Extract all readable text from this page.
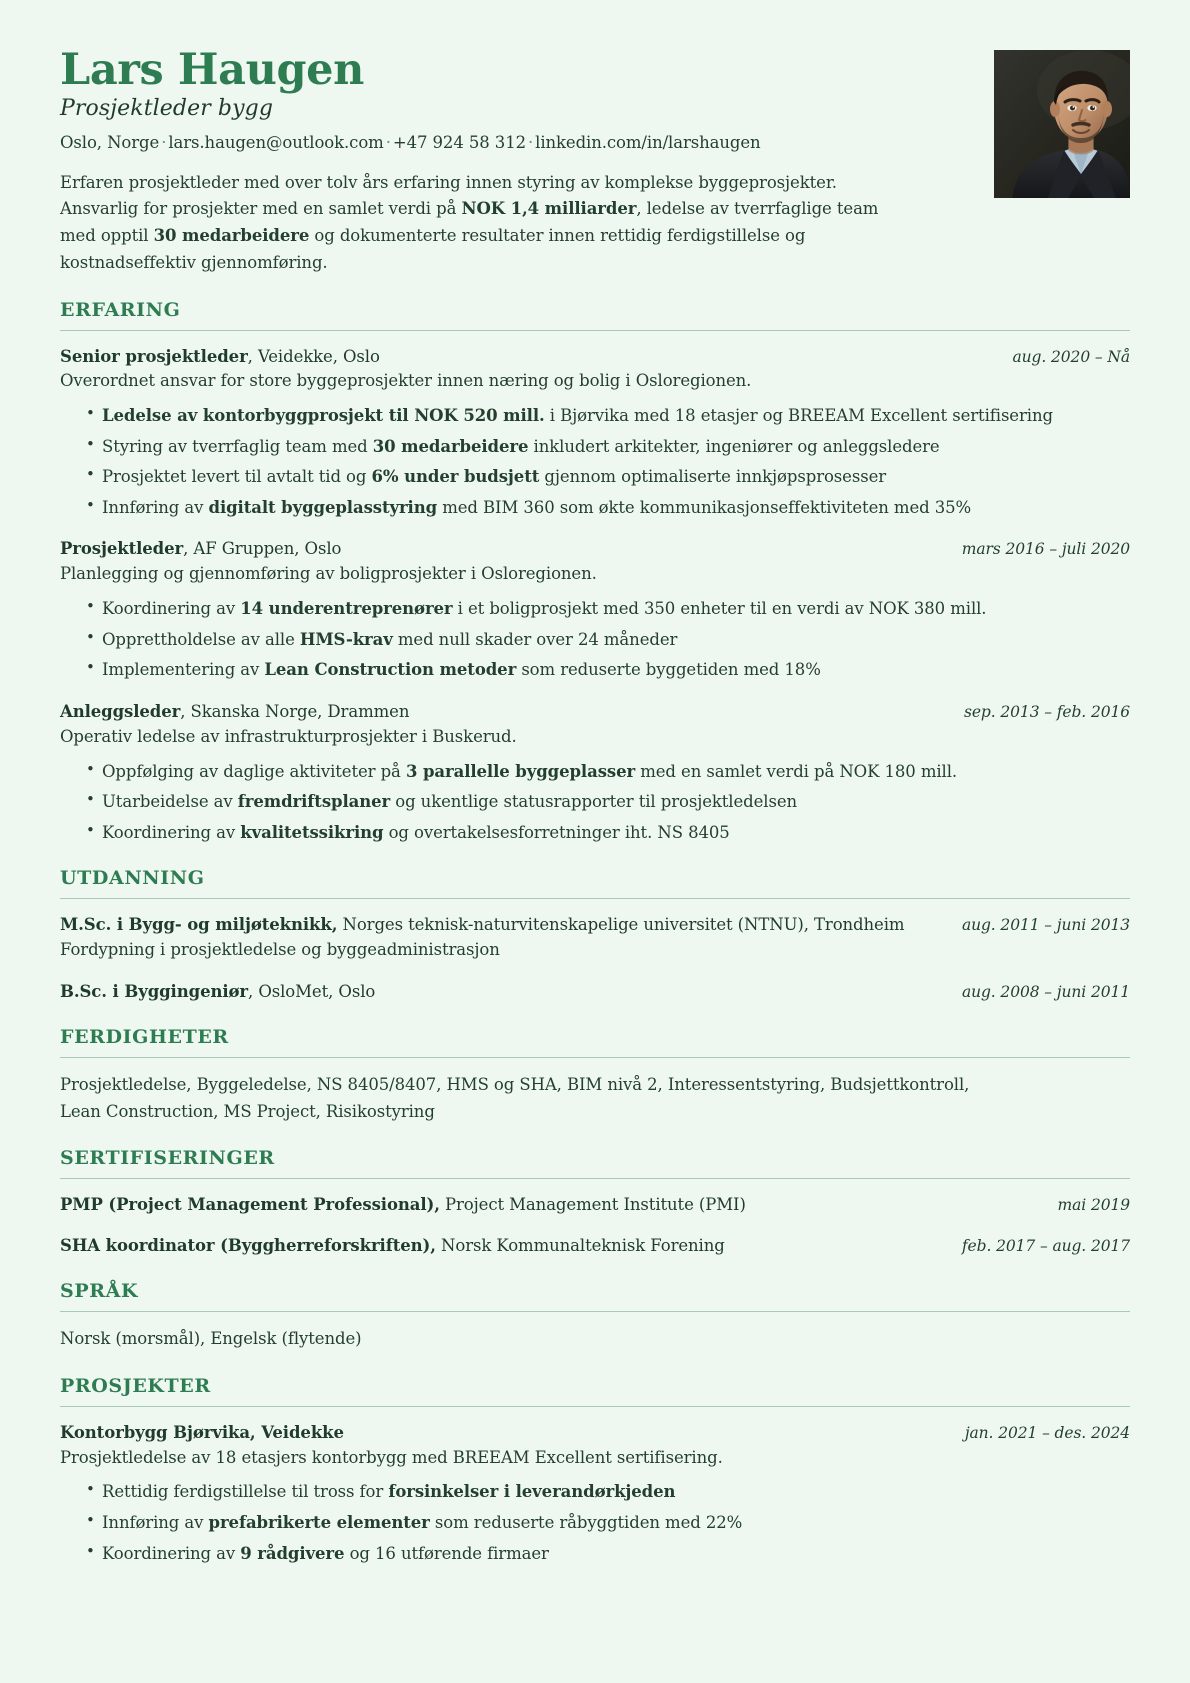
Lars Haugen
Prosjektleder bygg
Oslo, Norge · lars.haugen@outlook.com · +47 924 58 312 · linkedin.com/in/larshaugen
Erfaren prosjektleder med over tolv års erfaring innen styring av komplekse byggeprosjekter. Ansvarlig for prosjekter med en samlet verdi på NOK 1,4 milliarder, ledelse av tverrfaglige team med opptil 30 medarbeidere og dokumenterte resultater innen rettidig ferdigstillelse og kostnadseffektiv gjennomføring.
ERFARING
Senior prosjektleder, Veidekke, Oslo	aug. 2020 – Nå
Overordnet ansvar for store byggeprosjekter innen næring og bolig i Osloregionen.
• Ledelse av kontorbyggprosjekt til NOK 520 mill. i Bjørvika med 18 etasjer og BREEAM Excellent sertifisering
• Styring av tverrfaglig team med 30 medarbeidere inkludert arkitekter, ingeniører og anleggsledere
• Prosjektet levert til avtalt tid og 6% under budsjett gjennom optimaliserte innkjøpsprosesser
• Innføring av digitalt byggeplasstyring med BIM 360 som økte kommunikasjonseffektiviteten med 35%
Prosjektleder, AF Gruppen, Oslo	mars 2016 – juli 2020
Planlegging og gjennomføring av boligprosjekter i Osloregionen.
• Koordinering av 14 underentreprenører i et boligprosjekt med 350 enheter til en verdi av NOK 380 mill.
• Opprettholdelse av alle HMS-krav med null skader over 24 måneder
• Implementering av Lean Construction metoder som reduserte byggetiden med 18%
Anleggsleder, Skanska Norge, Drammen	sep. 2013 – feb. 2016
Operativ ledelse av infrastrukturprosjekter i Buskerud.
• Oppfølging av daglige aktiviteter på 3 parallelle byggeplasser med en samlet verdi på NOK 180 mill.
• Utarbeidelse av fremdriftsplaner og ukentlige statusrapporter til prosjektledelsen
• Koordinering av kvalitetssikring og overtakelsesforretninger iht. NS 8405
UTDANNING
M.Sc. i Bygg- og miljøteknikk, Norges teknisk-naturvitenskapelige universitet (NTNU), Trondheim	aug. 2011 – juni 2013
Fordypning i prosjektledelse og byggeadministrasjon
B.Sc. i Byggingeniør, OsloMet, Oslo	aug. 2008 – juni 2011
FERDIGHETER
Prosjektledelse, Byggeledelse, NS 8405/8407, HMS og SHA, BIM nivå 2, Interessentstyring, Budsjettkontroll, Lean Construction, MS Project, Risikostyring
SERTIFISERINGER
PMP (Project Management Professional), Project Management Institute (PMI)	mai 2019
SHA koordinator (Byggherreforskriften), Norsk Kommunalteknisk Forening	feb. 2017 – aug. 2017
SPRÅK
Norsk (morsmål), Engelsk (flytende)
PROSJEKTER
Kontorbygg Bjørvika, Veidekke	jan. 2021 – des. 2024
Prosjektledelse av 18 etasjers kontorbygg med BREEAM Excellent sertifisering.
• Rettidig ferdigstillelse til tross for forsinkelser i leverandørkjeden
• Innføring av prefabrikerte elementer som reduserte råbyggtiden med 22%
• Koordinering av 9 rådgivere og 16 utførende firmaer
